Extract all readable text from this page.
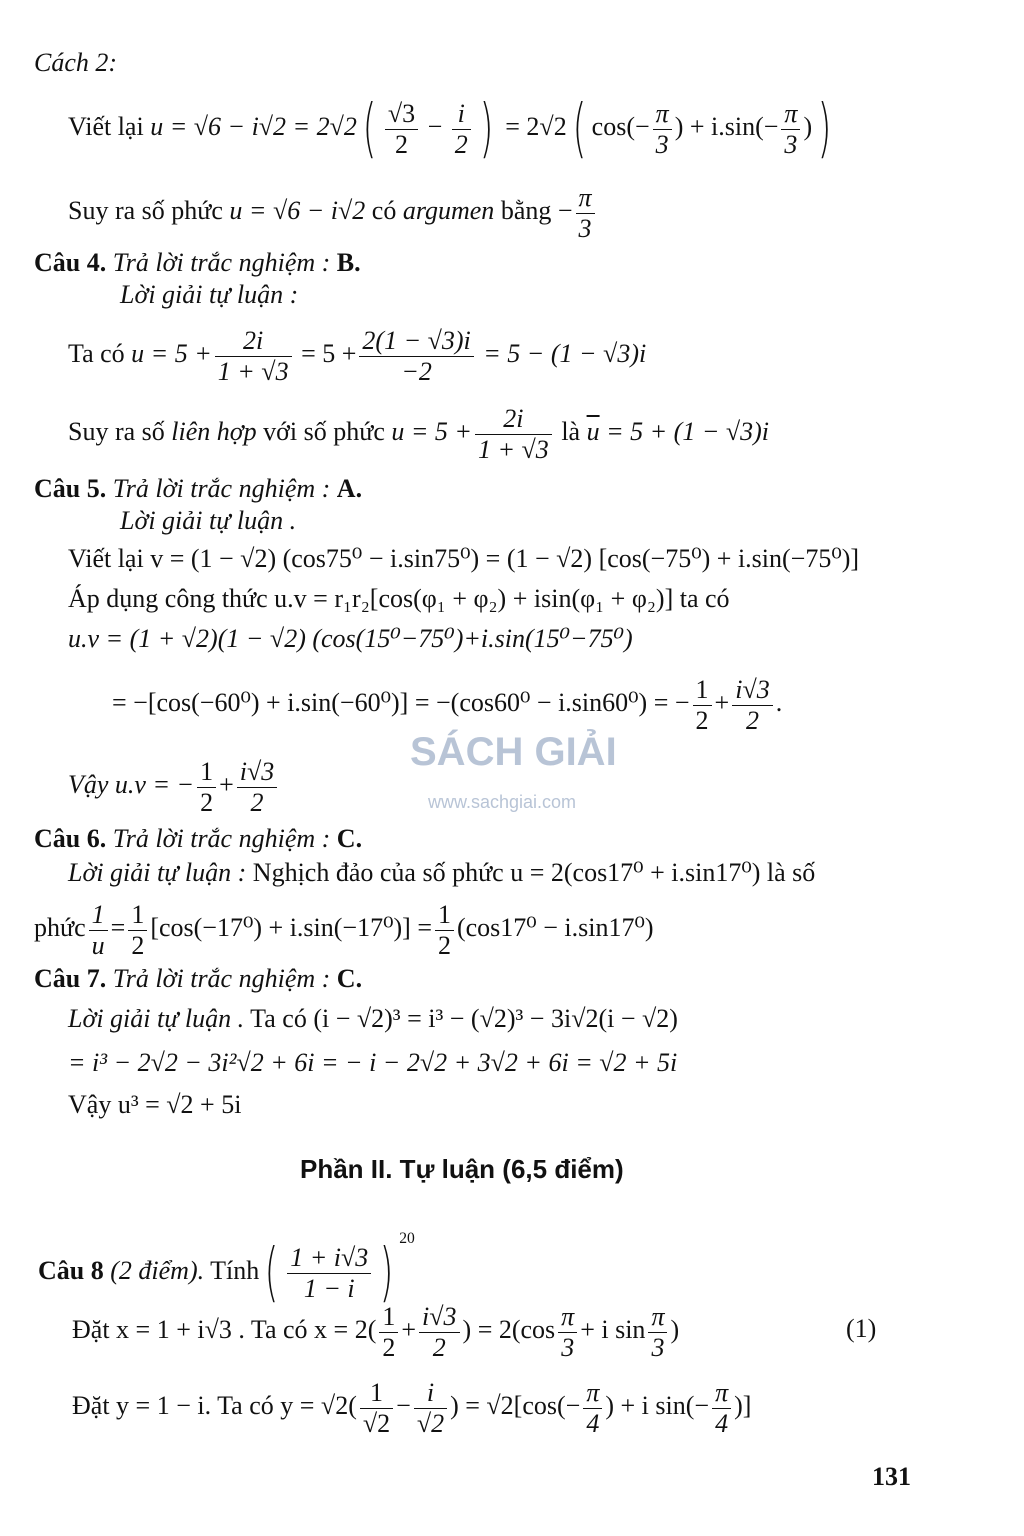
Cách 2:
Viết lại $u = √6 - i√2 = 2√2( \frac{√3}{2} - \frac{i}{2}$ ) = 2√2( $\cos(- \frac{\pi}{3}$ ) + $i.\sin(- \frac{\pi}{3}$ ))
Suy ra số phức u = √6 − i√2 có argumen bằng − $\frac{\pi}{3}$
Câu 4. Trả lời trắc nghiệm : B.
Lời giải tự luận :
Ta có $u = 5 + \frac{2i}{1 + √3} = 5 + \frac{2(1 - √3)i}{-2} = 5 - (1 - √3)i$
Suy ra số liên hợp với số phức $u = 5 + \frac{2i}{1 + √3}$ là $\overline{u} = 5 + (1 - √3)i$
Câu 5. Trả lời trắc nghiệm : A.
Lời giải tự luận .
Viết lại v = (1 − √2) (cos75⁰ − i.sin75⁰) = (1 − √2) [cos(−75⁰) + i.sin(−75⁰)]
Áp dụng công thức u.v = r₁r₂[cos(φ₁ + φ₂) + isin(φ₁ + φ₂)] ta có
u.v = (1 + √2)(1 − √2) (cos(15⁰−75⁰)+i.sin(15⁰−75⁰)
= −[cos(−60⁰) + i.sin(−60⁰)] = −(cos60⁰ − i.sin60⁰) = − $\frac{1}{2} + \frac{i√3}{2}$ .
Vậy u.v = − $\frac{1}{2} + \frac{i√3}{2}$
SÁCH GIẢI
www.sachgiai.com
Câu 6. Trả lời trắc nghiệm : C.
Lời giải tự luận : Nghịch đảo của số phức u = 2(cos17⁰ + i.sin17⁰) là số
phức $\frac{1}{u} = \frac{1}{2} [\cos(-17^0) + i.\sin(-17^0)] = \frac{1}{2} (\cos 17^0 - i.\sin 17^0)$
Câu 7. Trả lời trắc nghiệm : C.
Lời giải tự luận . Ta có (i − √2)³ = i³ − (√2)³ − 3i√2(i − √2)
= i³ − 2√2 − 3i²√2 + 6i = − i − 2√2 + 3√2 + 6i = √2 + 5i
Vậy u³ = √2 + 5i
Phần II. Tự luận (6,5 điểm)
Câu 8 (2 điểm). Tính( $\frac{1 + i√3}{1 - i}$ ) $^{20}$
Đặt x = 1 + i√3 . Ta có $x = 2( \frac{1}{2} + \frac{i√3}{2}$ ) = $2(\cos \frac{\pi}{3} + i$ $\sin \frac{\pi}{3}$ )	(1)
Đặt y = 1 − i. Ta có $y = √2( \frac{1}{√2} - \frac{i}{√2}$ ) = $√2[\cos(- \frac{\pi}{4}$ ) + i $\sin(- \frac{\pi}{4}$ )]
131
